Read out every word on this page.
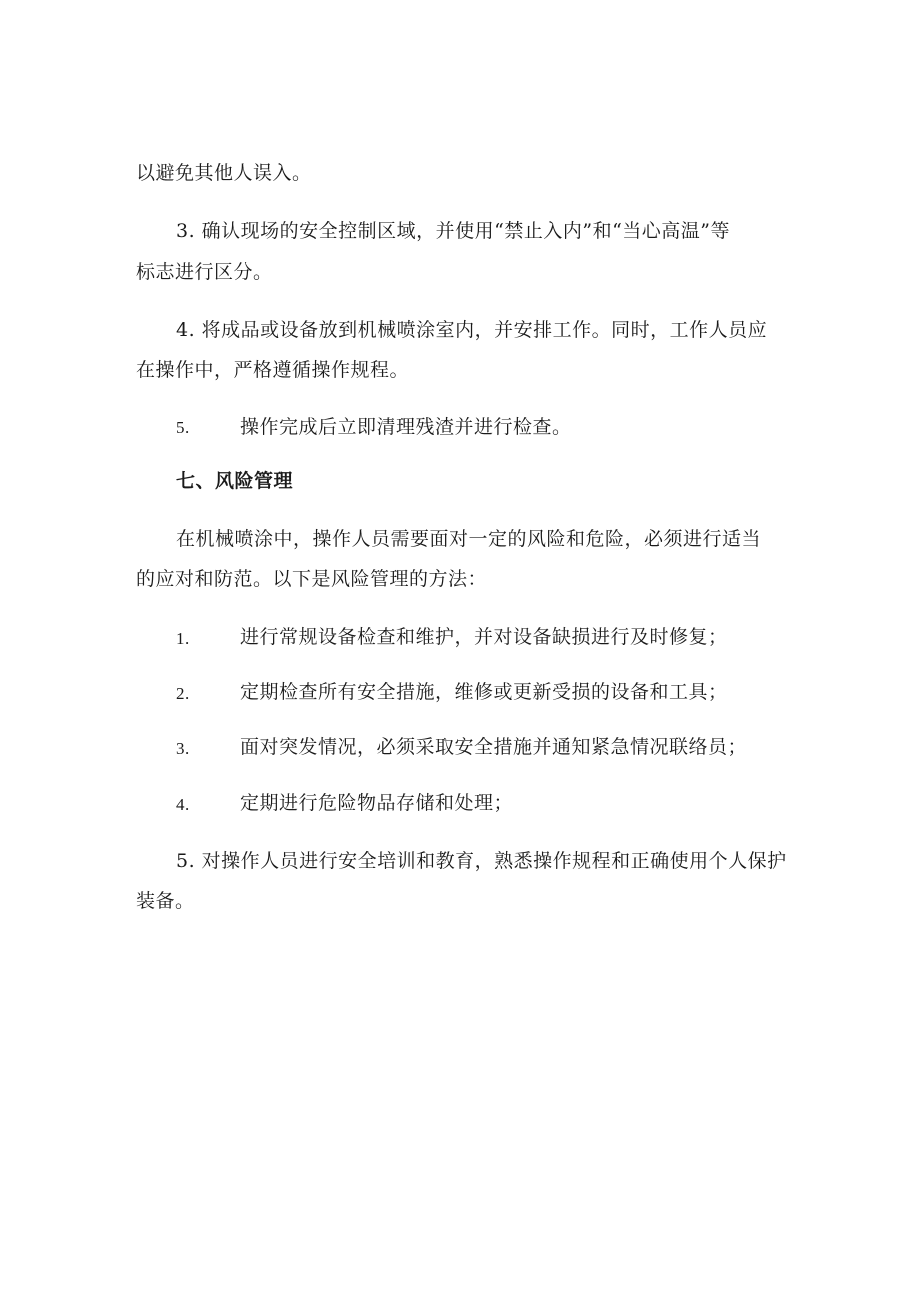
以避免其他人误入。
3. 确认现场的安全控制区域，并使用“禁止入内”和“当心高温”等
标志进行区分。
4. 将成品或设备放到机械喷涂室内，并安排工作。同时，工作人员应
在操作中，严格遵循操作规程。
5.	操作完成后立即清理残渣并进行检查。
七、风险管理
在机械喷涂中，操作人员需要面对一定的风险和危险，必须进行适当
的应对和防范。以下是风险管理的方法：
1.	进行常规设备检查和维护，并对设备缺损进行及时修复；
2.	定期检查所有安全措施，维修或更新受损的设备和工具；
3.	面对突发情况，必须采取安全措施并通知紧急情况联络员；
4.	定期进行危险物品存储和处理；
5. 对操作人员进行安全培训和教育，熟悉操作规程和正确使用个人保护
装备。
